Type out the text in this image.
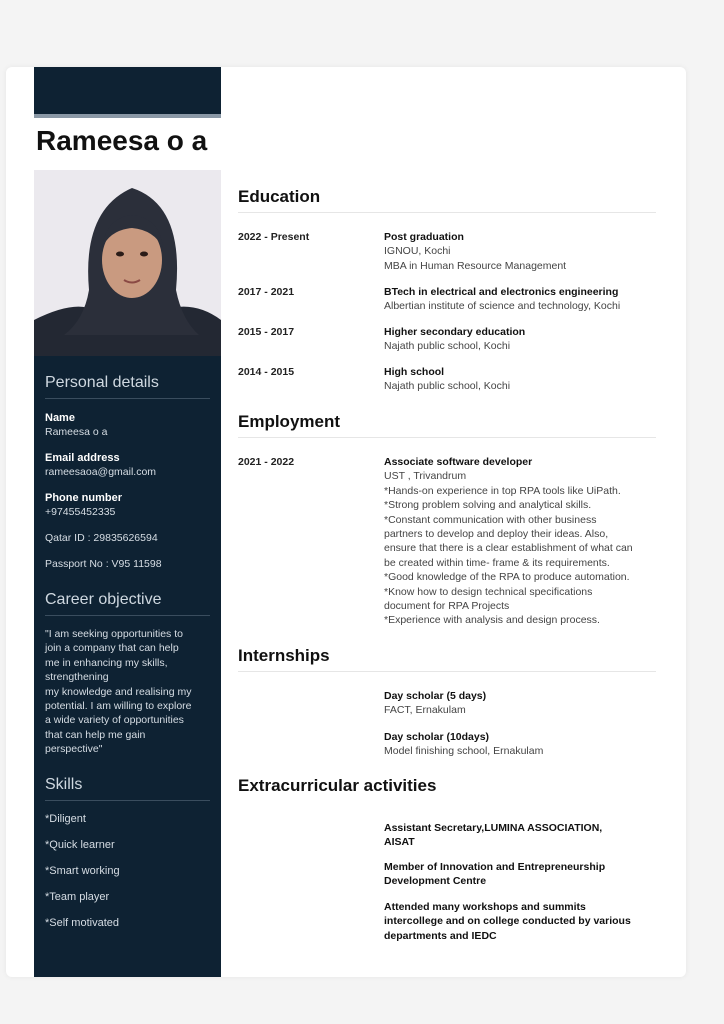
Rameesa o a
Personal details
Name
Rameesa o a
Email address
rameesaoa@gmail.com
Phone number
+97455452335
Qatar ID : 29835626594
Passport No : V95 11598
Career objective
"I am seeking opportunities to
join a company that can help
me in enhancing my skills,
strengthening
my knowledge and realising my
potential. I am willing to explore
a wide variety of opportunities
that can help me gain
perspective"
Skills
*Diligent
*Quick learner
*Smart working
*Team player
*Self motivated
Education
2022 - Present	Post graduation
IGNOU, Kochi
MBA in Human Resource Management
2017 - 2021	BTech in electrical and electronics engineering
Albertian institute of science and technology, Kochi
2015 - 2017	Higher secondary education
Najath public school, Kochi
2014 - 2015	High school
Najath public school, Kochi
Employment
2021 - 2022	Associate software developer
UST , Trivandrum
*Hands-on experience in top RPA tools like UiPath.
*Strong problem solving and analytical skills.
*Constant communication with other business
partners to develop and deploy their ideas. Also,
ensure that there is a clear establishment of what can
be created within time- frame & its requirements.
*Good knowledge of the RPA to produce automation.
*Know how to design technical specifications
document for RPA Projects
*Experience with analysis and design process.
Internships
Day scholar (5 days)
FACT, Ernakulam
Day scholar (10days)
Model finishing school, Ernakulam
Extracurricular activities
Assistant Secretary,LUMINA ASSOCIATION,
AISAT
Member of Innovation and Entrepreneurship
Development Centre
Attended many workshops and summits
intercollege and on college conducted by various
departments and IEDC
